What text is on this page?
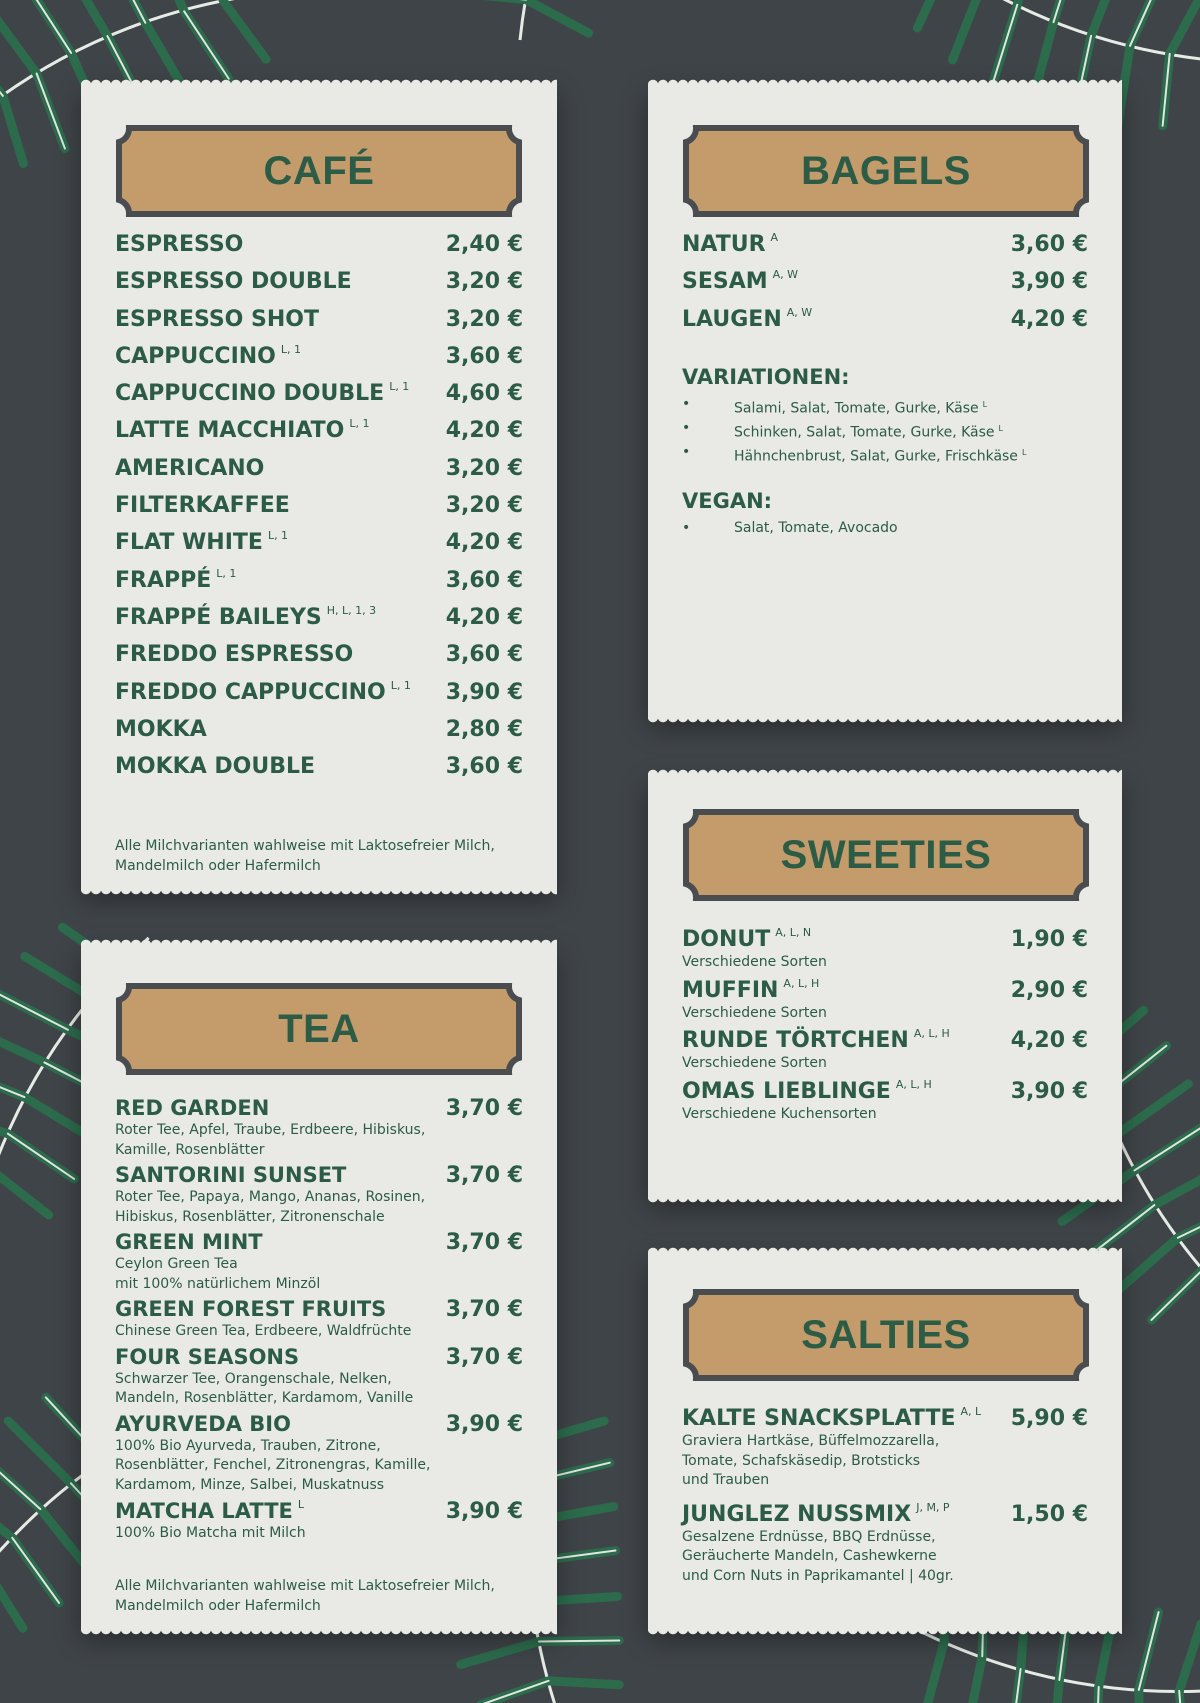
CAFÉ
ESPRESSO	2,40 €
ESPRESSO DOUBLE	3,20 €
ESPRESSO SHOT	3,20 €
CAPPUCCINO $^{L, 1}$	3,60 €
CAPPUCCINO DOUBLE $^{L, 1}$ 4,60 €
LATTE MACCHIATO $^{L, 1}$	4,20 €
AMERICANO	3,20 €
FILTERKAFFEE	3,20 €
FLAT WHITE $^{L, 1}$	4,20 €
FRAPPÉ $^{L, 1}$	3,60 €
FRAPPÉ BAILEYS $^{H, L, 1, 3}$	4,20 €
FREDDO ESPRESSO	3,60 €
FREDDO CAPPUCCINO $^{L, 1}$ 3,90 €
MOKKA	2,80 €
MOKKA DOUBLE	3,60 €
Alle Milchvarianten wahlweise mit Laktosefreier Milch, Mandelmilch oder Hafermilch
TEA
RED GARDEN	3,70 €
Roter Tee, Apfel, Traube, Erdbeere, Hibiskus,
Kamille, Rosenblätter
SANTORINI SUNSET	3,70 €
Roter Tee, Papaya, Mango, Ananas, Rosinen,
Hibiskus, Rosenblätter, Zitronenschale
GREEN MINT	3,70 €
Ceylon Green Tea
mit 100% natürlichem Minzöl
GREEN FOREST FRUITS	3,70 €
Chinese Green Tea, Erdbeere, Waldfrüchte
FOUR SEASONS	3,70 €
Schwarzer Tee, Orangenschale, Nelken,
Mandeln, Rosenblätter, Kardamom, Vanille
AYURVEDA BIO	3,90 €
100% Bio Ayurveda, Trauben, Zitrone,
Rosenblätter, Fenchel, Zitronengras, Kamille,
Kardamom, Minze, Salbei, Muskatnuss
MATCHA LATTE $^L$	3,90 €
100% Bio Matcha mit Milch
Alle Milchvarianten wahlweise mit Laktosefreier Milch, Mandelmilch oder Hafermilch
BAGELS
NATUR $^A$	3,60 €
SESAM $^{A, W}$	3,90 €
LAUGEN $^{A, W}$	4,20 €
VARIATIONEN:
• Salami, Salat, Tomate, Gurke, Käse $^L$
• Schinken, Salat, Tomate, Gurke, Käse $^L$
• Hähnchenbrust, Salat, Gurke, Frischkäse $^L$
VEGAN:
• Salat, Tomate, Avocado
SWEETIES
DONUT $^{A, L, N}$	1,90 €
Verschiedene Sorten
MUFFIN $^{A, L, H}$	2,90 €
Verschiedene Sorten
RUNDE TÖRTCHEN $^{A, L, H}$	4,20 €
Verschiedene Sorten
OMAS LIEBLINGE $^{A, L, H}$	3,90 €
Verschiedene Kuchensorten
SALTIES
KALTE SNACKSPLATTE $^{A, L}$ 5,90 €
Graviera Hartkäse, Büffelmozzarella,
Tomate, Schafskäsedip, Brotsticks
und Trauben
JUNGLEZ NUSSMIX $^{J, M, P}$	1,50 €
Gesalzene Erdnüsse, BBQ Erdnüsse,
Geräucherte Mandeln, Cashewkerne
und Corn Nuts in Paprikamantel | 40gr.
